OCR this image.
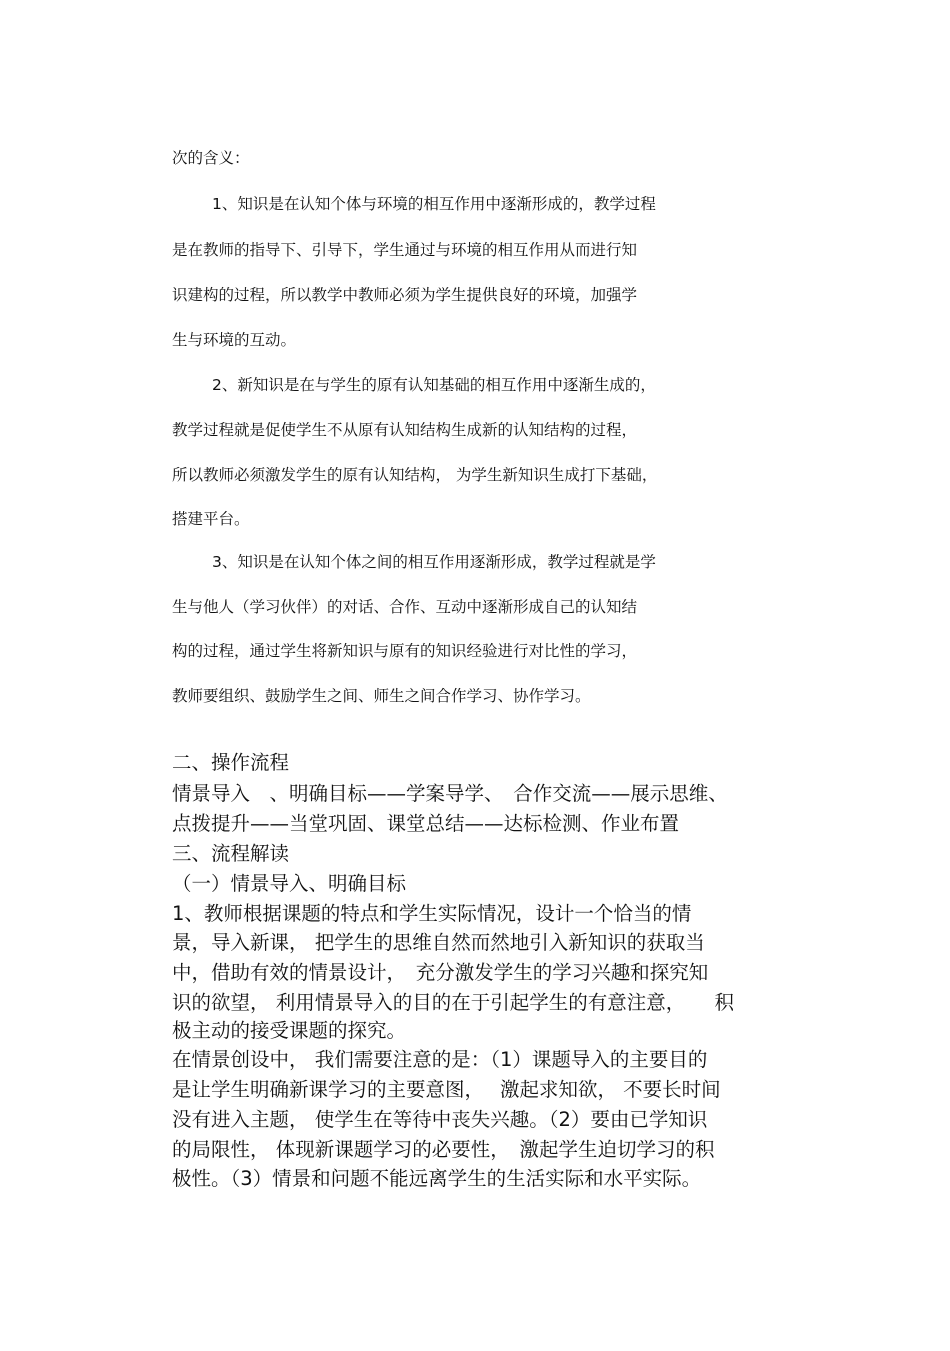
次的含义：
1、知识是在认知个体与环境的相互作用中逐渐形成的，教学过程
是在教师的指导下、引导下，学生通过与环境的相互作用从而进行知
识建构的过程，所以教学中教师必须为学生提供良好的环境，加强学
生与环境的互动。
2、新知识是在与学生的原有认知基础的相互作用中逐渐生成的，
教学过程就是促使学生不从原有认知结构生成新的认知结构的过程，
所以教师必须激发学生的原有认知结构， 为学生新知识生成打下基础，
搭建平台。
3、知识是在认知个体之间的相互作用逐渐形成，教学过程就是学
生与他人（学习伙伴）的对话、合作、互动中逐渐形成自己的认知结
构的过程，通过学生将新知识与原有的知识经验进行对比性的学习，
教师要组织、鼓励学生之间、师生之间合作学习、协作学习。
二、操作流程
情景导入　、明确目标——学案导学、　合作交流——展示思维、
点拨提升——当堂巩固、课堂总结——达标检测、作业布置
三、流程解读
（一）情景导入、明确目标
1、教师根据课题的特点和学生实际情况，设计一个恰当的情
景，导入新课， 把学生的思维自然而然地引入新知识的获取当
中，借助有效的情景设计，　充分激发学生的学习兴趣和探究知
识的欲望， 利用情景导入的目的在于引起学生的有意注意，　　积
极主动的接受课题的探究。
在情景创设中， 我们需要注意的是：（1）课题导入的主要目的
是让学生明确新课学习的主要意图，　 激起求知欲， 不要长时间
没有进入主题， 使学生在等待中丧失兴趣。（2）要由已学知识
的局限性， 体现新课题学习的必要性，　激起学生迫切学习的积
极性。（3）情景和问题不能远离学生的生活实际和水平实际。
